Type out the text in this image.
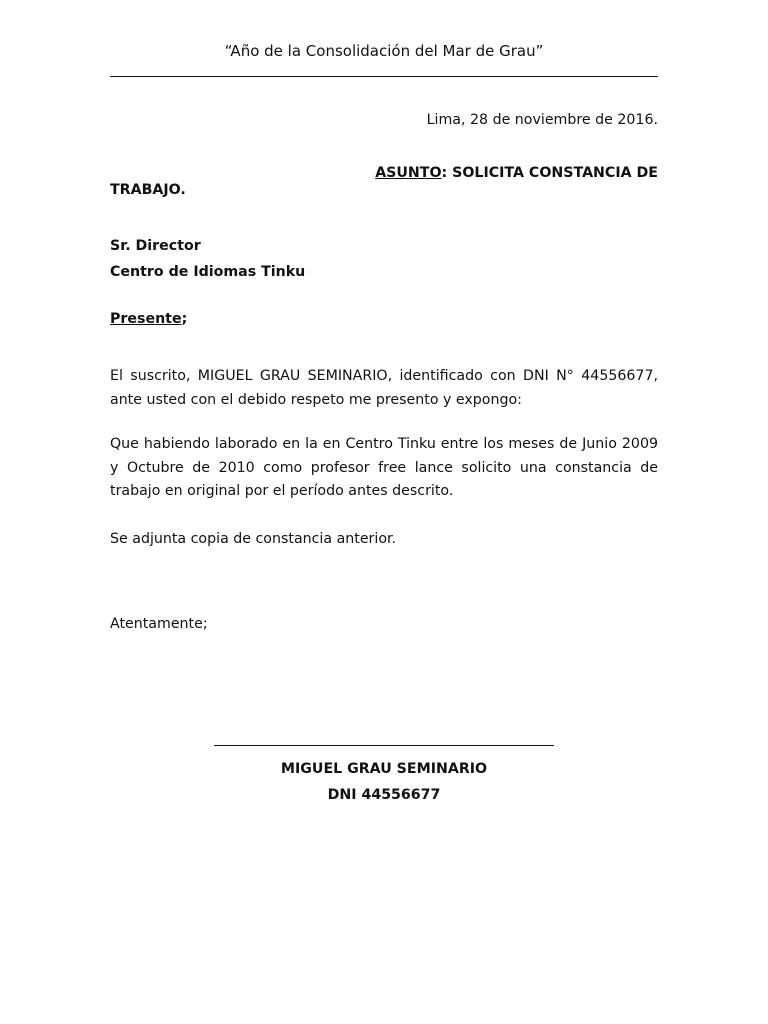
“Año de la Consolidación del Mar de Grau”
Lima, 28 de noviembre de 2016.
ASUNTO: SOLICITA CONSTANCIA DE
TRABAJO.
Sr. Director
Centro de Idiomas Tinku
Presente;
El suscrito, MIGUEL GRAU SEMINARIO, identificado con DNI N° 44556677, ante usted con el debido respeto me presento y expongo:
Que habiendo laborado en la en Centro Tinku entre los meses de Junio 2009 y Octubre de 2010 como profesor free lance solicito una constancia de trabajo en original por el período antes descrito.
Se adjunta copia de constancia anterior.
Atentamente;
MIGUEL GRAU SEMINARIO
DNI 44556677
